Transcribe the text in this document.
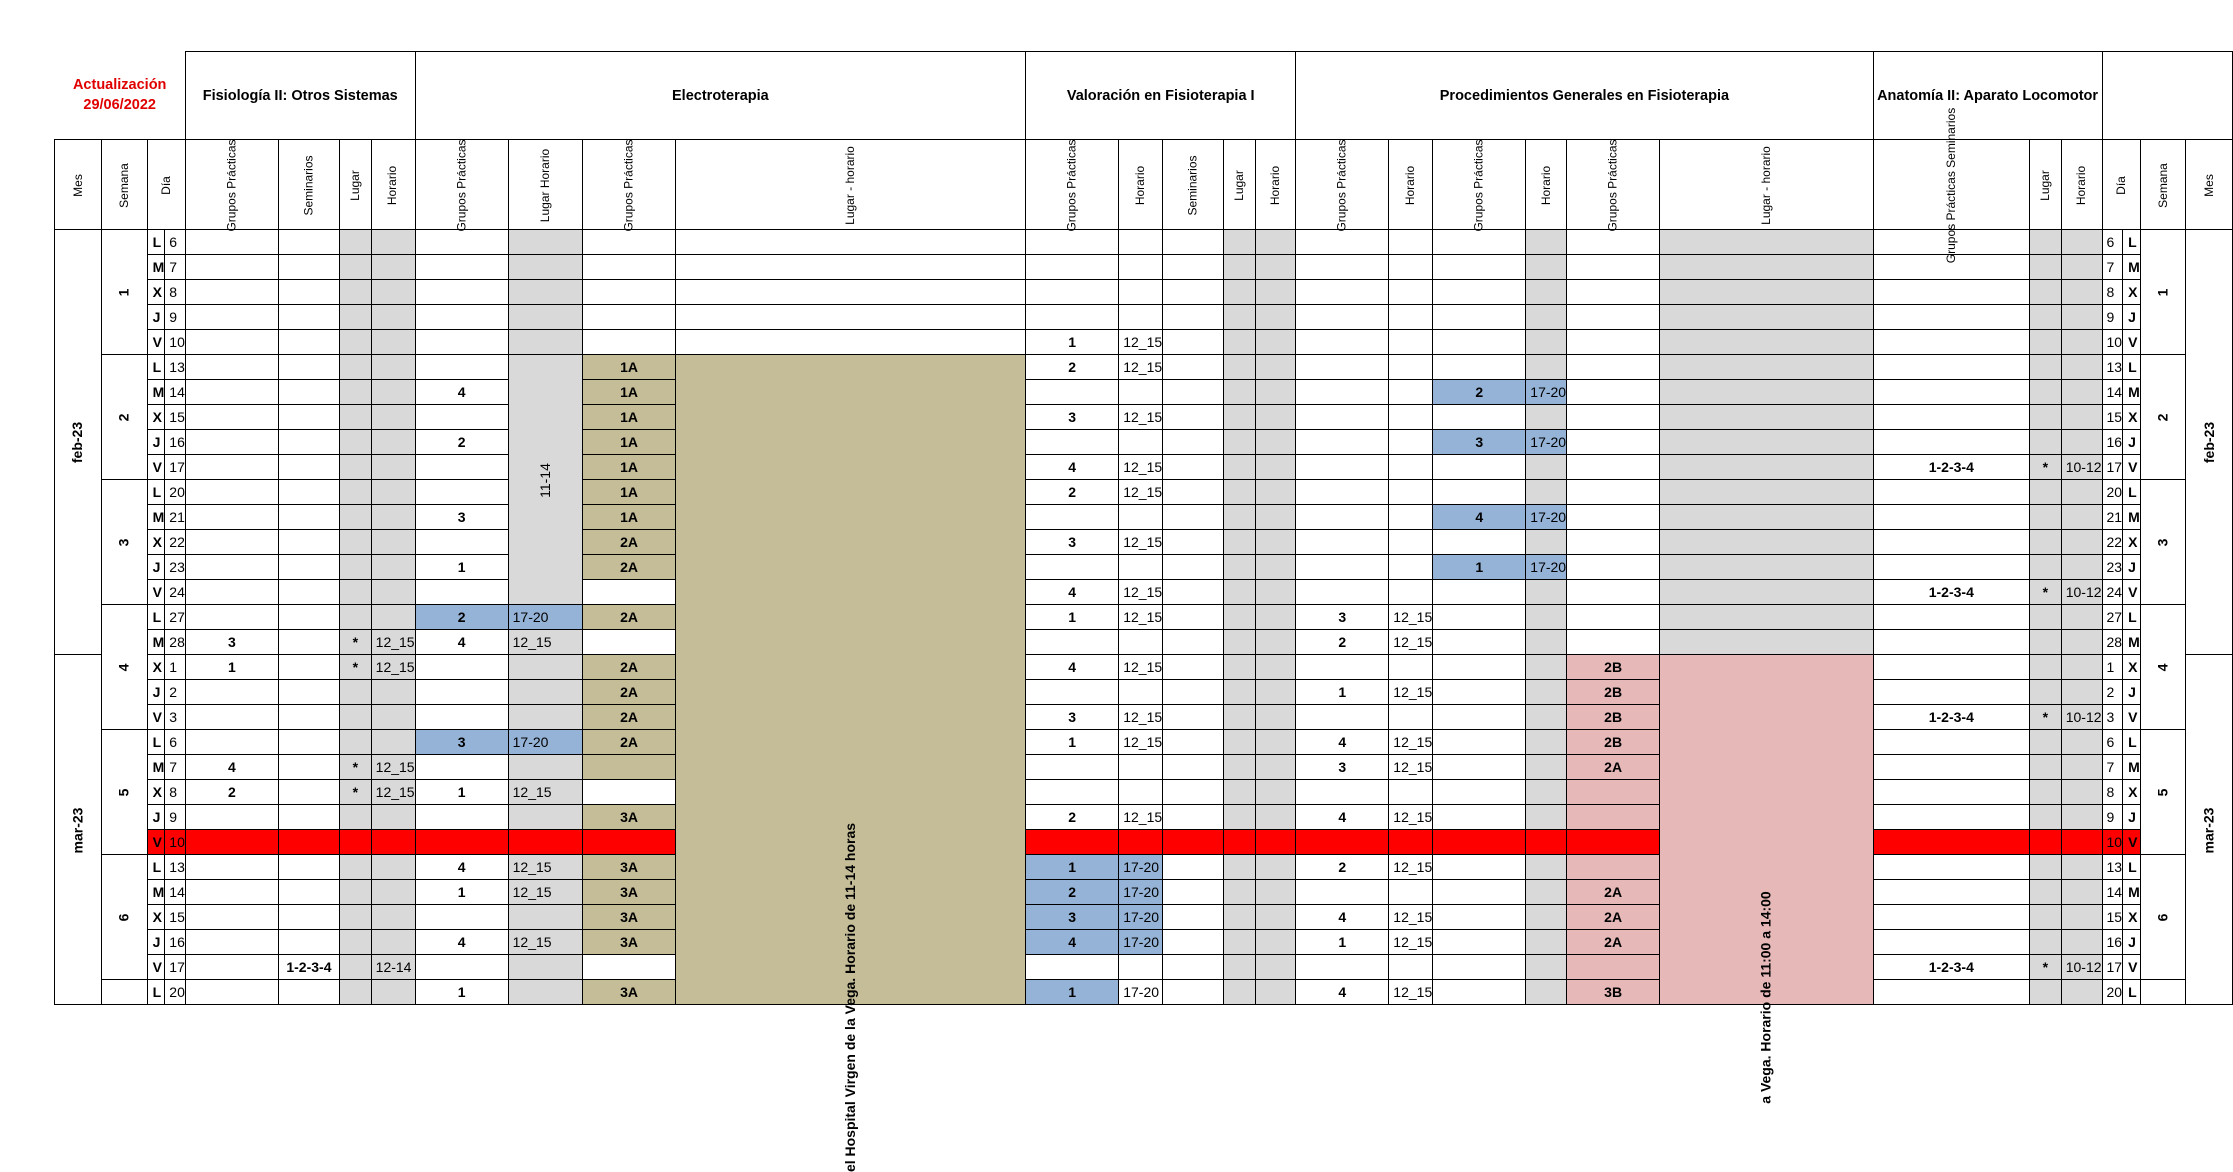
Actualización 29/06/2022				Fisiología II: Otros Sistemas				Electroterapia				Valoración en Fisioterapia I					Procedimientos Generales en Fisioterapia						Anatomía II: Aparato Locomotor						
Mes	Semana	Día		Grupos Prácticas	Seminarios	Lugar	Horario	Grupos Prácticas	Lugar Horario	Grupos Prácticas	Lugar - horario	Grupos Prácticas	Horario	Seminarios	Lugar	Horario	Grupos Prácticas	Horario	Grupos Prácticas	Horario	Grupos Prácticas	Lugar - horario	Grupos Prácticas Seminarios	Lugar	Horario	Día		Semana	Mes
feb-23	1	L	6																							6	L	1	feb-23
		M	7																							7	M		
		X	8																							8	X		
		J	9																							9	J		
		V	10									1	12_15													10	V		
	2	L	13						11-14	1A	el Hospital Virgen de la Vega. Horario de 11-14 horas	2	12_15													13	L	2	
		M	14					4		1A									2	17-20						14	M		
		X	15							1A		3	12_15													15	X		
		J	16					2		1A									3	17-20						16	J		
		V	17							1A		4	12_15										1-2-3-4	*	10-12	17	V		
	3	L	20							1A		2	12_15													20	L	3	
		M	21					3		1A									4	17-20						21	M		
		X	22							2A		3	12_15													22	X		
		J	23					1		2A									1	17-20						23	J		
		V	24									4	12_15										1-2-3-4	*	10-12	24	V		
	4	L	27					2	17-20	2A		1	12_15				3	12_15								27	L	4	
		M	28	3		*	12_15	4	12_15								2	12_15								28	M		
mar-23		X	1	1		*	12_15			2A		4	12_15								2B	a Vega. Horario de 11:00 a 14:00				1	X		mar-23
		J	2							2A							1	12_15			2B					2	J		
		V	3							2A		3	12_15								2B		1-2-3-4	*	10-12	3	V		
	5	L	6					3	17-20	2A		1	12_15				4	12_15			2B					6	L	5	
		M	7	4		*	12_15										3	12_15			2A					7	M		
		X	8	2		*	12_15	1	12_15																	8	X		
		J	9							3A		2	12_15				4	12_15								9	J		
		V	10																							10	V		
	6	L	13					4	12_15	3A		1	17-20				2	12_15								13	L	6	
		M	14					1	12_15	3A		2	17-20								2A					14	M		
		X	15							3A		3	17-20				4	12_15			2A					15	X		
		J	16					4	12_15	3A		4	17-20				1	12_15			2A					16	J		
		V	17		1-2-3-4		12-14																1-2-3-4	*	10-12	17	V		
		L	20					1		3A		1	17-20				4	12_15			3B					20	L		
